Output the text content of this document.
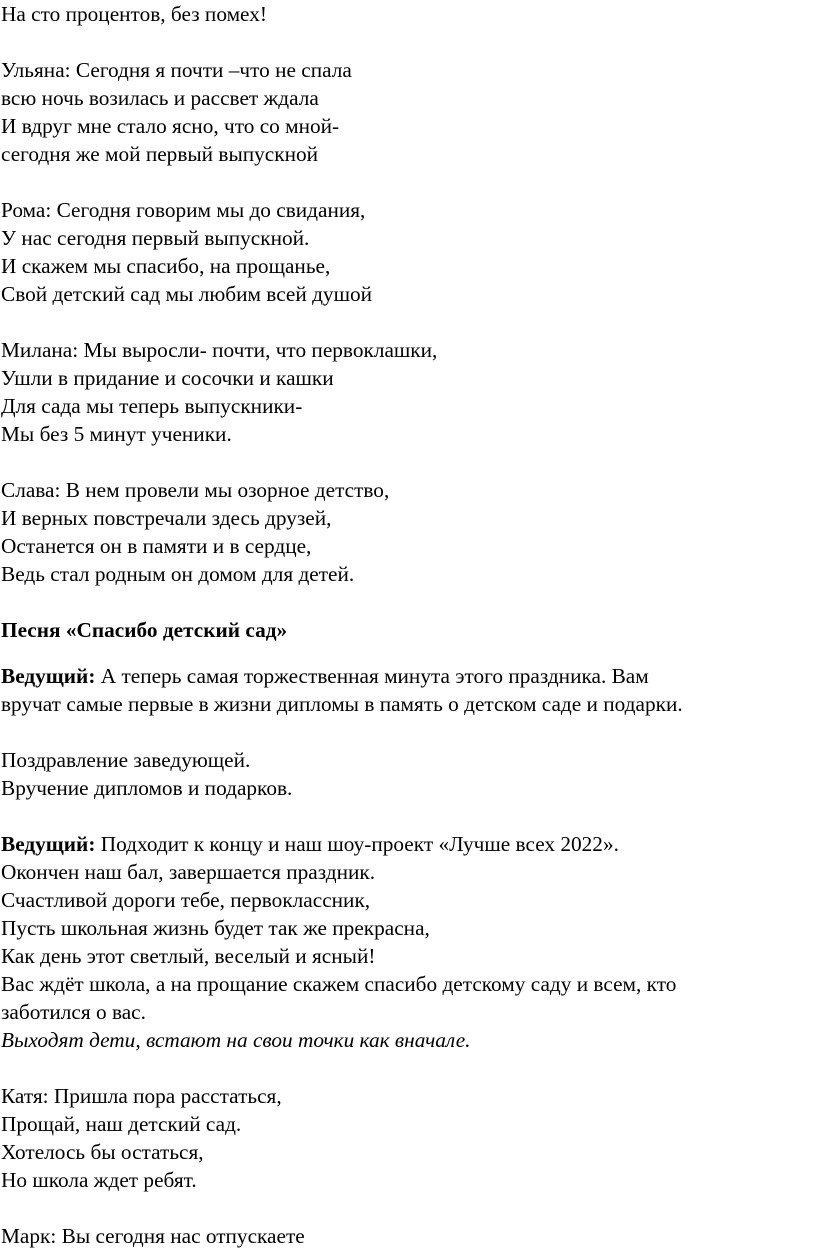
На сто процентов, без помех!
Ульяна: Сегодня я почти –что не спала
всю ночь возилась и рассвет ждала
И вдруг мне стало ясно, что со мной-
сегодня же мой первый выпускной
Рома: Сегодня говорим мы до свидания,
У нас сегодня первый выпускной.
И скажем мы спасибо, на прощанье,
Свой детский сад мы любим всей душой
Милана: Мы выросли- почти, что первоклашки,
Ушли в придание и сосочки и кашки
Для сада мы теперь выпускники-
Мы без 5 минут ученики.
Слава: В нем провели мы озорное детство,
И верных повстречали здесь друзей,
Останется он в памяти и в сердце,
Ведь стал родным он домом для детей.
Песня «Спасибо детский сад»
Ведущий: А теперь самая торжественная минута этого праздника. Вам
вручат самые первые в жизни дипломы в память о детском саде и подарки.
Поздравление заведующей.
Вручение дипломов и подарков.
Ведущий: Подходит к концу и наш шоу-проект «Лучше всех 2022».
Окончен наш бал, завершается праздник.
Счастливой дороги тебе, первоклассник,
Пусть школьная жизнь будет так же прекрасна,
Как день этот светлый, веселый и ясный!
Вас ждёт школа, а на прощание скажем спасибо детскому саду и всем, кто
заботился о вас.
Выходят дети, встают на свои точки как вначале.
Катя: Пришла пора расстаться,
Прощай, наш детский сад.
Хотелось бы остаться,
Но школа ждет ребят.
Марк: Вы сегодня нас отпускаете
